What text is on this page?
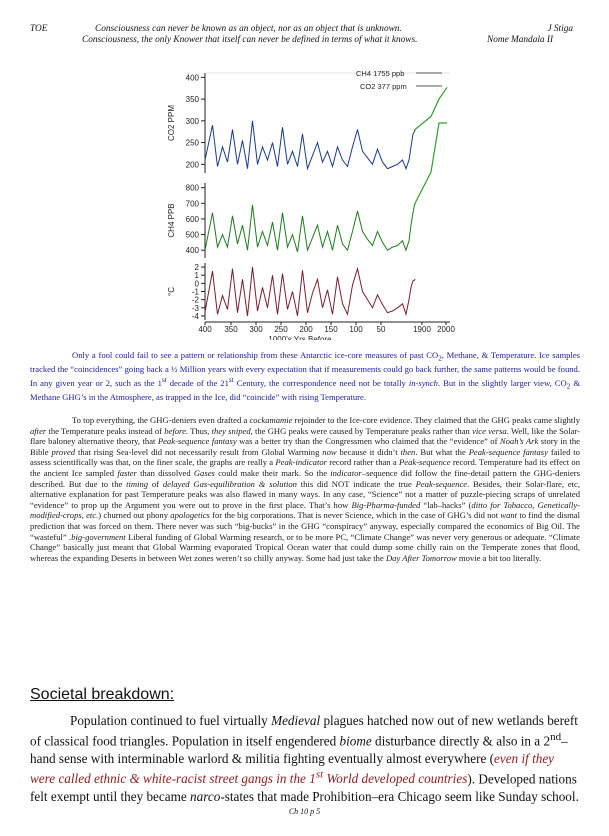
TOE	Consciousness can never be known as an object, nor as an object that is unknown.	J Stiga
Consciousness, the only Knower that itself can never be defined in terms of what it knows.	Nome Mandala II
200
250
300
350
400
CO2 PPM
400
500
600
700
800
CH4 PPB
2
1
0
-1
-2
-3
-4
°C
400 350 300 250 200 150 100 50	1900 2000
1000's Yrs Before
CH4 1755 ppb
CO2 377 ppm
Only a fool could fail to see a pattern or relationship from these Antarctic ice-core measures of past $CO_2$, Methane, & Temperature. Ice samples tracked the “coincidences” going back a ½ Million years with every expectation that if measurements could go back further, the same patterns would be found. In any given year or 2, such as the 1st decade of the 21st Century, the correspondence need not be totally in-synch. But in the slightly larger view, $CO_2$ & Methane GHG’s in the Atmosphere, as trapped in the Ice, did “coincide” with rising Temperature.
To top everything, the GHG-deniers even drafted a cockamamie rejoinder to the Ice-core evidence. They claimed that the GHG peaks came slightly after the Temperature peaks instead of before. Thus, they sniped, the GHG peaks were caused by Temperature peaks rather than vice versa. Well, like the Solar-flare baloney alternative theory, that Peak-sequence fantasy was a better try than the Congressmen who claimed that the “evidence” of Noah’s Ark story in the Bible proved that rising Sea-level did not necessarily result from Global Warming now because it didn’t then. But what the Peak-sequence fantasy failed to assess scientifically was that, on the finer scale, the graphs are really a Peak-indicator record rather than a Peak-sequence record. Temperature had its effect on the ancient Ice sampled faster than dissolved Gases could make their mark. So the indicator–sequence did follow the fine-detail pattern the GHG-deniers described. But due to the timing of delayed Gas-equilibration & solution this did NOT indicate the true Peak-sequence. Besides, their Solar-flare, etc, alternative explanation for past Temperature peaks was also flawed in many ways. In any case, “Science” not a matter of puzzle-piecing scraps of unrelated “evidence” to prop up the Argument you were out to prove in the first place. That’s how Big-Pharma-funded “lab–hacks” (ditto for Tobacco, Genetically-modified-crops, etc.) churned out phony apologetics for the big corporations. That is never Science, which in the case of GHG’s did not want to find the dismal prediction that was forced on them. There never was such “big-bucks” in the GHG “conspiracy” anyway, especially compared the economics of Big Oil. The “wasteful” .big-government Liberal funding of Global Warming research, or to be more PC, “Climate Change” was never very generous or adequate. “Climate Change” basically just meant that Global Warming evaporated Tropical Ocean water that could dump some chilly rain on the Temperate zones that flood, whereas the expanding Deserts in between Wet zones weren’t so chilly anyway. Some had just take the Day After Tomorrow movie a bit too literally.
Societal breakdown:
Population continued to fuel virtually Medieval plagues hatched now out of new wetlands bereft of classical food triangles. Population in itself engendered biome disturbance directly & also in a 2nd–hand sense with interminable warlord & militia fighting eventually almost everywhere (even if they were called ethnic & white-racist street gangs in the 1st World developed countries). Developed nations felt exempt until they became narco-states that made Prohibition–era Chicago seem like Sunday school.
Ch 10 p 5
